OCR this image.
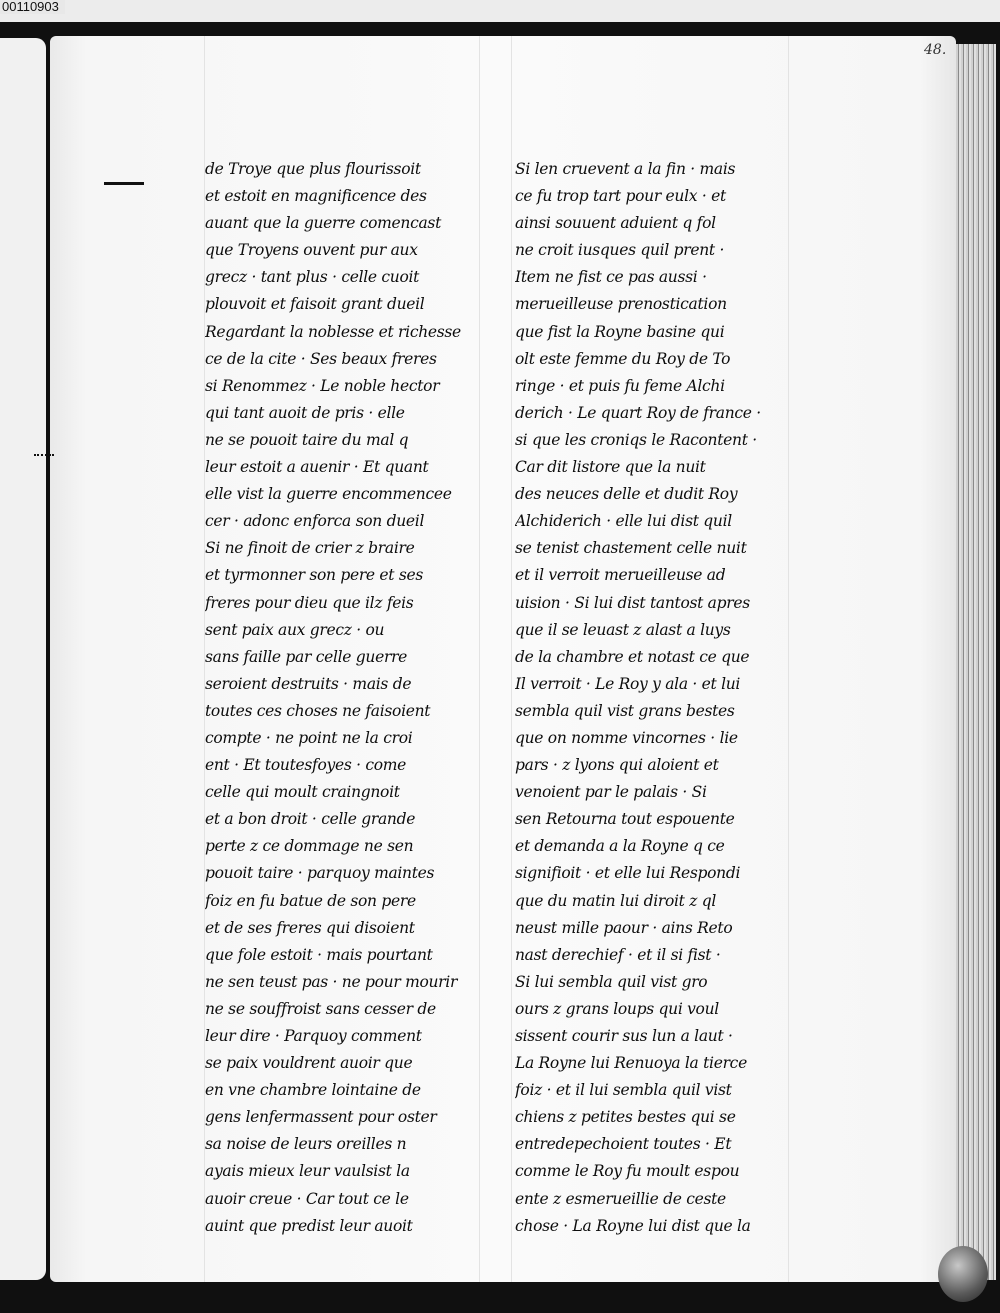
00110903
48.
de Troye que plus flourissoit
et estoit en magnificence des
auant que la guerre comencast
que Troyens ouvent pur aux
grecz · tant plus · celle cuoit
plouvoit et faisoit grant dueil
Regardant la noblesse et richesse
ce de la cite · Ses beaux freres
si Renommez · Le noble hector
qui tant auoit de pris · elle
ne se pouoit taire du mal q
leur estoit a auenir · Et quant
elle vist la guerre encommencee
cer · adonc enforca son dueil
Si ne finoit de crier z braire
et tyrmonner son pere et ses
freres pour dieu que ilz feis
sent paix aux grecz · ou
sans faille par celle guerre
seroient destruits · mais de
toutes ces choses ne faisoient
compte · ne point ne la croi
ent · Et toutesfoyes · come
celle qui moult craingnoit
et a bon droit · celle grande
perte z ce dommage ne sen
pouoit taire · parquoy maintes
foiz en fu batue de son pere
et de ses freres qui disoient
que fole estoit · mais pourtant
ne sen teust pas · ne pour mourir
ne se souffroist sans cesser de
leur dire · Parquoy comment
se paix vouldrent auoir que
en vne chambre lointaine de
gens lenfermassent pour oster
sa noise de leurs oreilles n
ayais mieux leur vaulsist la
auoir creue · Car tout ce le
auint que predist leur auoit
Si len cruevent a la fin · mais
ce fu trop tart pour eulx · et
ainsi souuent aduient q fol
ne croit iusques quil prent ·
Item ne fist ce pas aussi ·
merueilleuse prenostication
que fist la Royne basine qui
olt este femme du Roy de To
ringe · et puis fu feme Alchi
derich · Le quart Roy de france ·
si que les croniqs le Racontent ·
Car dit listore que la nuit
des neuces delle et dudit Roy
Alchiderich · elle lui dist quil
se tenist chastement celle nuit
et il verroit merueilleuse ad
uision · Si lui dist tantost apres
que il se leuast z alast a luys
de la chambre et notast ce que
Il verroit · Le Roy y ala · et lui
sembla quil vist grans bestes
que on nomme vincornes · lie
pars · z lyons qui aloient et
venoient par le palais · Si
sen Retourna tout espouente
et demanda a la Royne q ce
signifioit · et elle lui Respondi
que du matin lui diroit z ql
neust mille paour · ains Reto
nast derechief · et il si fist ·
Si lui sembla quil vist gro
ours z grans loups qui voul
sissent courir sus lun a laut ·
La Royne lui Renuoya la tierce
foiz · et il lui sembla quil vist
chiens z petites bestes qui se
entredepechoient toutes · Et
comme le Roy fu moult espou
ente z esmerueillie de ceste
chose · La Royne lui dist que la
